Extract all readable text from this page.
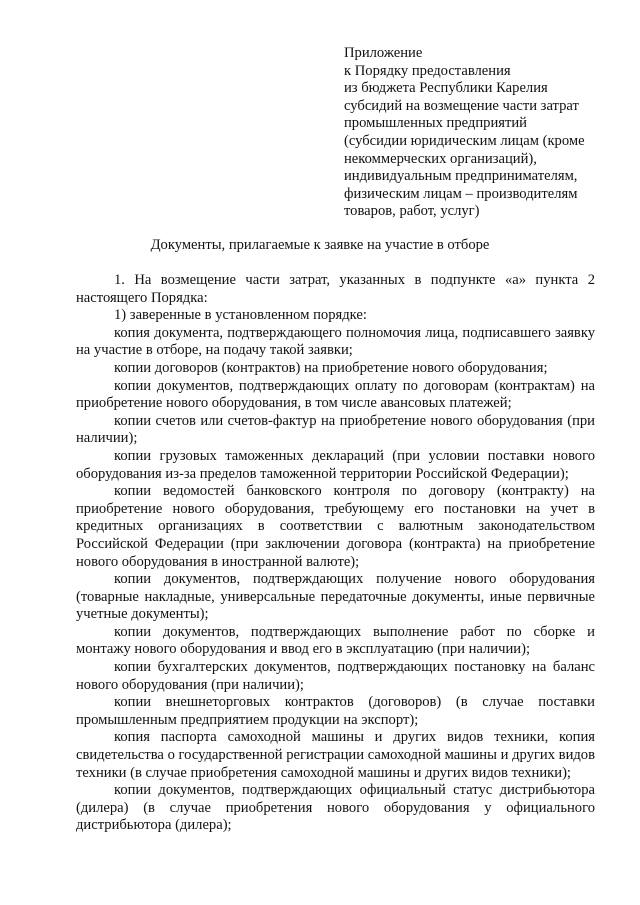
Приложение
к Порядку предоставления
из бюджета Республики Карелия
субсидий на возмещение части затрат
промышленных предприятий
(субсидии юридическим лицам (кроме
некоммерческих организаций),
индивидуальным предпринимателям,
физическим лицам – производителям
товаров, работ, услуг)
Документы, прилагаемые к заявке на участие в отборе

1. На возмещение части затрат, указанных в подпункте «а» пункта 2 настоящего Порядка:

1) заверенные в установленном порядке:

копия документа, подтверждающего полномочия лица, подписавшего заявку на участие в отборе, на подачу такой заявки;

копии договоров (контрактов) на приобретение нового оборудования;

копии документов, подтверждающих оплату по договорам (контрактам) на приобретение нового оборудования, в том числе авансовых платежей;

копии счетов или счетов-фактур на приобретение нового оборудования (при наличии);

копии грузовых таможенных деклараций (при условии поставки нового оборудования из-за пределов таможенной территории Российской Федерации);

копии ведомостей банковского контроля по договору (контракту) на приобретение нового оборудования, требующему его постановки на учет в кредитных организациях в соответствии с валютным законодательством Российской Федерации (при заключении договора (контракта) на приобретение нового оборудования в иностранной валюте);

копии документов, подтверждающих получение нового оборудования (товарные накладные, универсальные передаточные документы, иные первичные учетные документы);

копии документов, подтверждающих выполнение работ по сборке и монтажу нового оборудования и ввод его в эксплуатацию (при наличии);

копии бухгалтерских документов, подтверждающих постановку на баланс нового оборудования (при наличии);

копии внешнеторговых контрактов (договоров) (в случае поставки промышленным предприятием продукции на экспорт);

копия паспорта самоходной машины и других видов техники, копия свидетельства о государственной регистрации самоходной машины и других видов техники (в случае приобретения самоходной машины и других видов техники);

копии документов, подтверждающих официальный статус дистрибьютора (дилера) (в случае приобретения нового оборудования у официального дистрибьютора (дилера);
